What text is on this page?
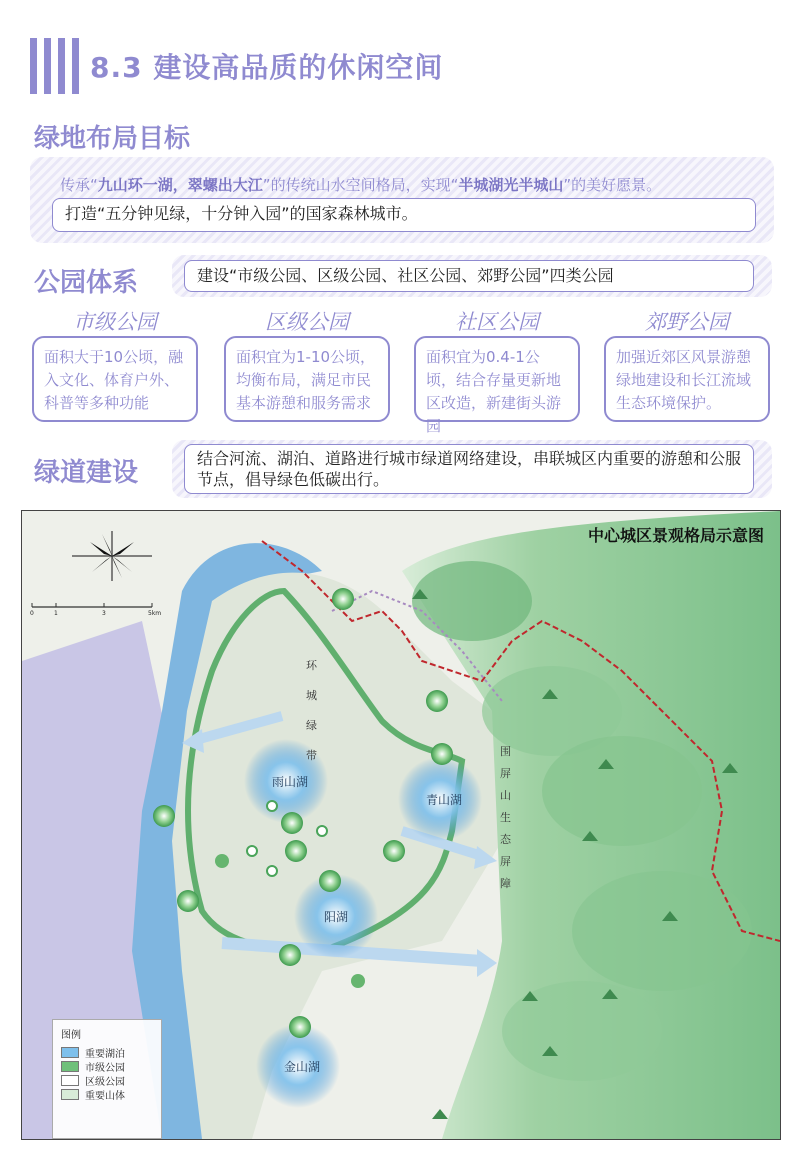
8.3 建设高品质的休闲空间
绿地布局目标
传承“九山环一湖，翠螺出大江”的传统山水空间格局，实现“半城湖光半城山”的美好愿景。
打造“五分钟见绿，十分钟入园”的国家森林城市。
公园体系	建设“市级公园、区级公园、社区公园、郊野公园”四类公园
市级公园	区级公园	社区公园	郊野公园
面积大于10公顷，融入文化、体育户外、科普等多种功能
面积宜为1-10公顷，均衡布局，满足市民基本游憩和服务需求
面积宜为0.4-1公顷，结合存量更新地区改造，新建街头游园
加强近郊区风景游憩绿地建设和长江流域生态环境保护。
绿道建设	结合河流、湖泊、道路进行城市绿道网络建设，串联城区内重要的游憩和公服节点，倡导绿色低碳出行。
中心城区景观格局示意图
0	1	3	5km
雨山湖
青山湖
阳湖
金山湖
环城绿带	围屏山生态屏障
图例
重要湖泊
市级公园
区级公园
重要山体
